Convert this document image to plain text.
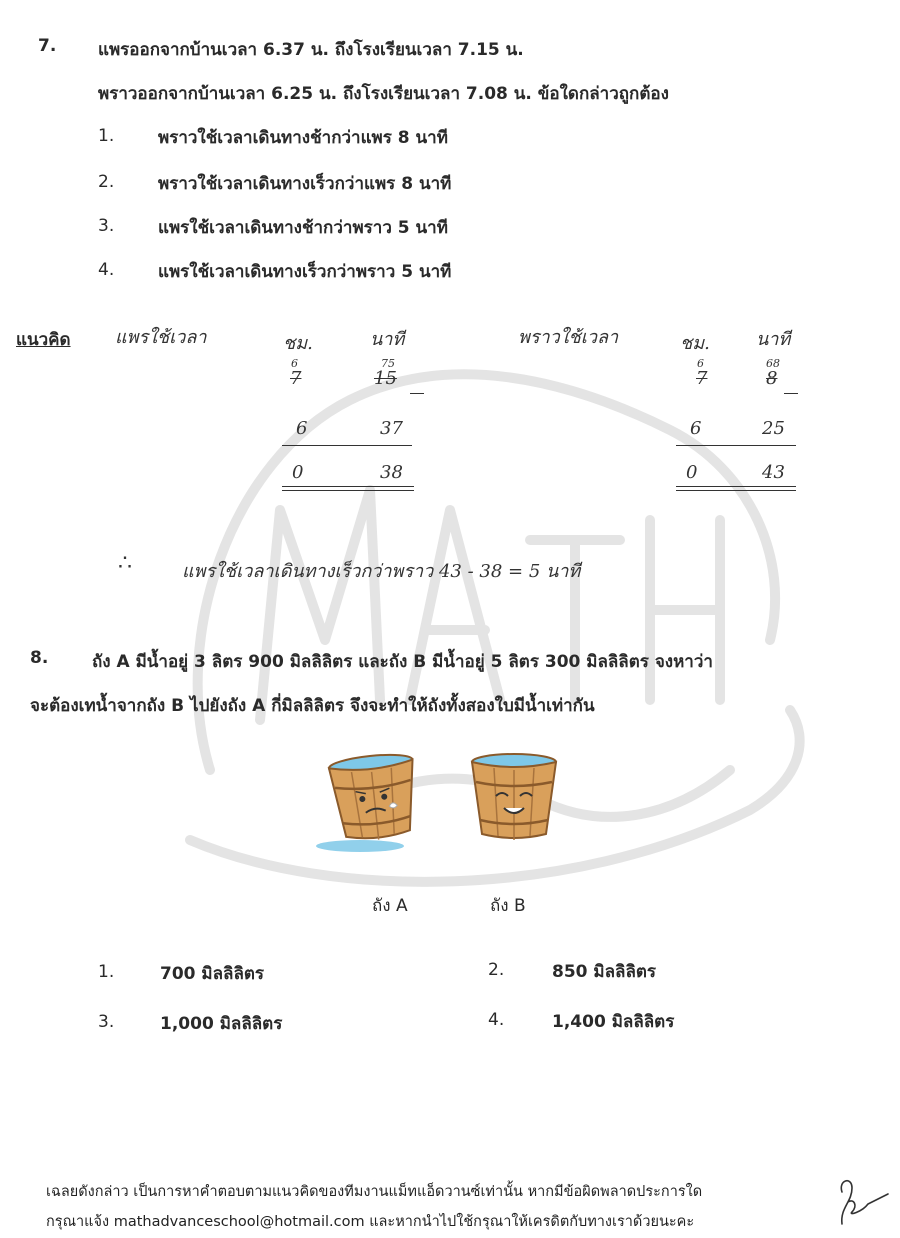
7. แพรออกจากบ้านเวลา 6.37 น. ถึงโรงเรียนเวลา 7.15 น.
พราวออกจากบ้านเวลา 6.25 น. ถึงโรงเรียนเวลา 7.08 น. ข้อใดกล่าวถูกต้อง
1.	พราวใช้เวลาเดินทางช้ากว่าแพร 8 นาที
2.	พราวใช้เวลาเดินทางเร็วกว่าแพร 8 นาที
3.	แพรใช้เวลาเดินทางช้ากว่าพราว 5 นาที
4.	แพรใช้เวลาเดินทางเร็วกว่าพราว 5 นาที
แนวคิด แพรใช้เวลา	ชม.	นาที
6	75
7	15
6	37
0	38
พราวใช้เวลา	ชม.	นาที
6	68
7	8
6	25
0	43
∴	แพรใช้เวลาเดินทางเร็วกว่าพราว 43 - 38 = 5 นาที
8.	ถัง A มีน้ำอยู่ 3 ลิตร 900 มิลลิลิตร และถัง B มีน้ำอยู่ 5 ลิตร 300 มิลลิลิตร จงหาว่า
จะต้องเทน้ำจากถัง B ไปยังถัง A กี่มิลลิลิตร จึงจะทำให้ถังทั้งสองใบมีน้ำเท่ากัน
ถัง A	ถัง B
1.	700 มิลลิลิตร	2.	850 มิลลิลิตร
3.	1,000 มิลลิลิตร	4.	1,400 มิลลิลิตร
เฉลยดังกล่าว เป็นการหาคำตอบตามแนวคิดของทีมงานแม็ทแอ็ดวานซ์เท่านั้น หากมีข้อผิดพลาดประการใด
กรุณาแจ้ง mathadvanceschool@hotmail.com และหากนำไปใช้กรุณาให้เครดิตกับทางเราด้วยนะคะ
